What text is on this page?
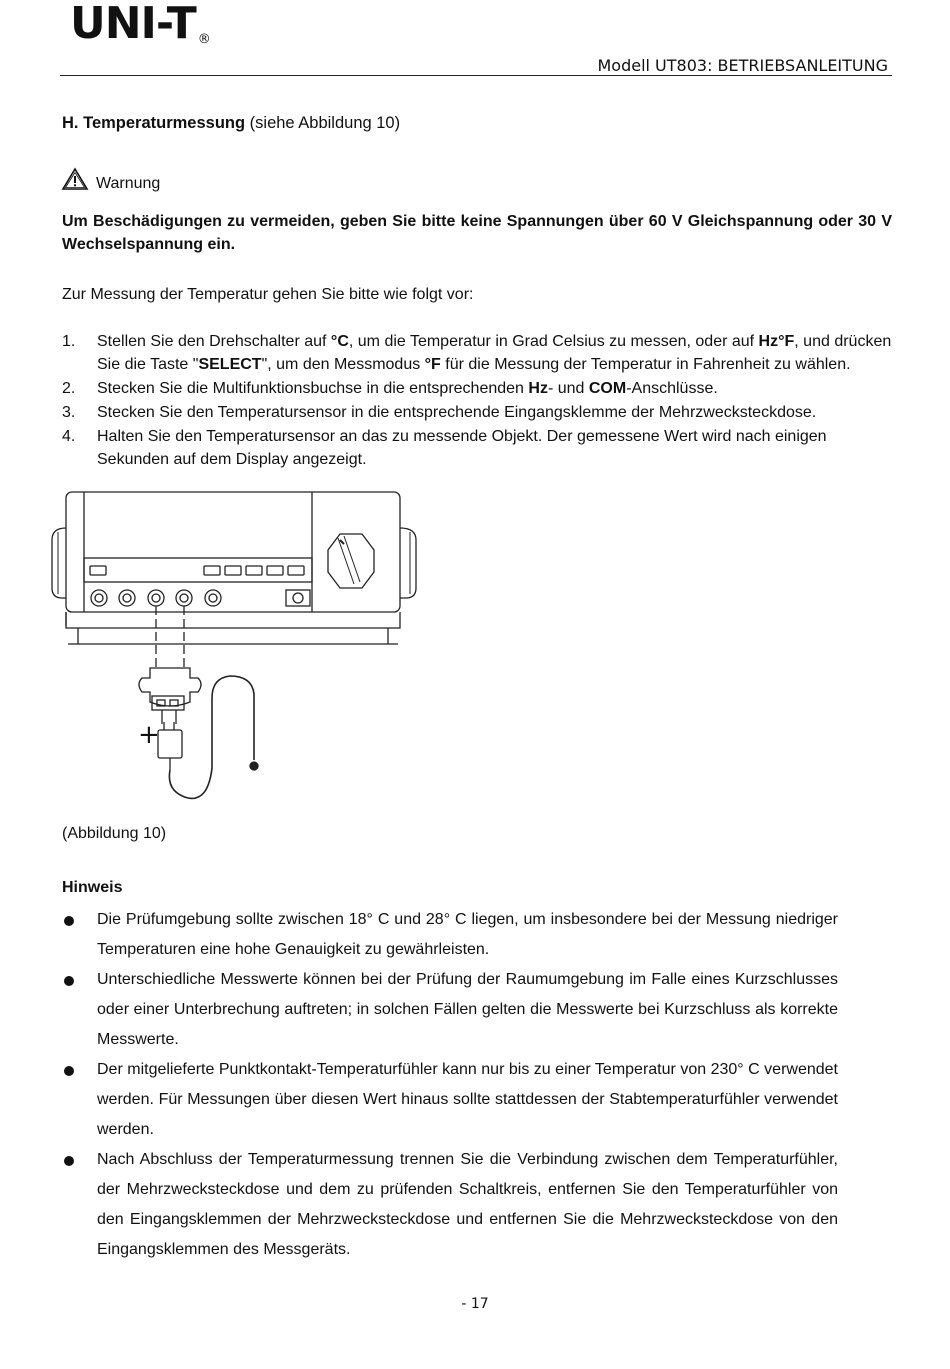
UNI-T ®
Modell UT803: BETRIEBSANLEITUNG
H. Temperaturmessung (siehe Abbildung 10)
Warnung
Um Beschädigungen zu vermeiden, geben Sie bitte keine Spannungen über 60 V Gleichspannung oder 30 V Wechselspannung ein.
Zur Messung der Temperatur gehen Sie bitte wie folgt vor:
1. Stellen Sie den Drehschalter auf °C, um die Temperatur in Grad Celsius zu messen, oder auf Hz°F, und drücken Sie die Taste "SELECT", um den Messmodus °F für die Messung der Temperatur in Fahrenheit zu wählen.
2. Stecken Sie die Multifunktionsbuchse in die entsprechenden Hz- und COM-Anschlüsse.
3. Stecken Sie den Temperatursensor in die entsprechende Eingangsklemme der Mehrzwecksteckdose.
4. Halten Sie den Temperatursensor an das zu messende Objekt. Der gemessene Wert wird nach einigen Sekunden auf dem Display angezeigt.
+
(Abbildung 10)
Hinweis
Die Prüfumgebung sollte zwischen 18° C und 28° C liegen, um insbesondere bei der Messung niedriger Temperaturen eine hohe Genauigkeit zu gewährleisten.
Unterschiedliche Messwerte können bei der Prüfung der Raumumgebung im Falle eines Kurzschlusses oder einer Unterbrechung auftreten; in solchen Fällen gelten die Messwerte bei Kurzschluss als korrekte Messwerte.
Der mitgelieferte Punktkontakt-Temperaturfühler kann nur bis zu einer Temperatur von 230° C verwendet werden. Für Messungen über diesen Wert hinaus sollte stattdessen der Stabtemperaturfühler verwendet werden.
Nach Abschluss der Temperaturmessung trennen Sie die Verbindung zwischen dem Temperaturfühler, der Mehrzwecksteckdose und dem zu prüfenden Schaltkreis, entfernen Sie den Temperaturfühler von den Eingangsklemmen der Mehrzwecksteckdose und entfernen Sie die Mehrzwecksteckdose von den Eingangsklemmen des Messgeräts.
- 17
